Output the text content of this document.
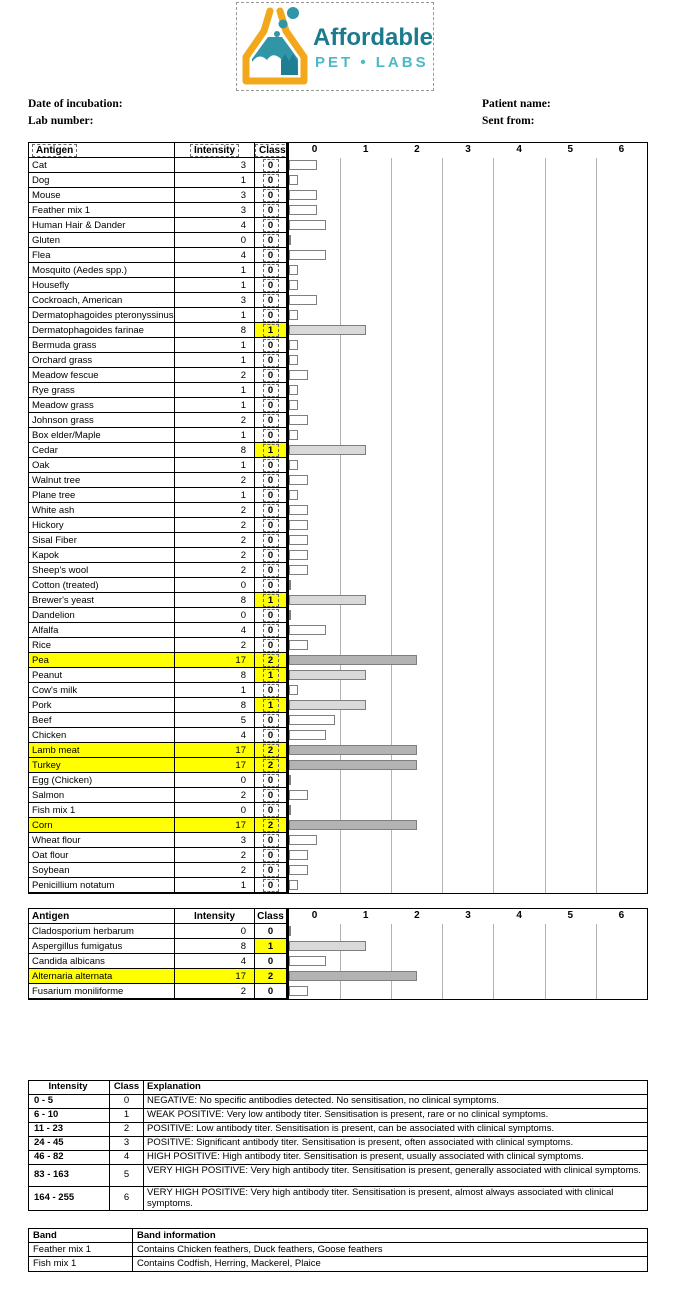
Affordable
PET • LABS
Date of incubation:
Lab number:
Patient name:
Sent from:
Antigen	Intensity	Class	0	1	2	3	4	5	6
Cat	3	0
Dog	1	0
Mouse	3	0
Feather mix 1	3	0
Human Hair & Dander	4	0
Gluten	0	0
Flea	4	0
Mosquito (Aedes spp.)	1	0
Housefly	1	0
Cockroach, American	3	0
Dermatophagoides pteronyssinus	1	0
Dermatophagoides farinae	8	1
Bermuda grass	1	0
Orchard grass	1	0
Meadow fescue	2	0
Rye grass	1	0
Meadow grass	1	0
Johnson grass	2	0
Box elder/Maple	1	0
Cedar	8	1
Oak	1	0
Walnut tree	2	0
Plane tree	1	0
White ash	2	0
Hickory	2	0
Sisal Fiber	2	0
Kapok	2	0
Sheep's wool	2	0
Cotton (treated)	0	0
Brewer's yeast	8	1
Dandelion	0	0
Alfalfa	4	0
Rice	2	0
Pea	17	2
Peanut	8	1
Cow's milk	1	0
Pork	8	1
Beef	5	0
Chicken	4	0
Lamb meat	17	2
Turkey	17	2
Egg (Chicken)	0	0
Salmon	2	0
Fish mix 1	0	0
Corn	17	2
Wheat flour	3	0
Oat flour	2	0
Soybean	2	0
Penicillium notatum	1	0
Antigen	Intensity	Class	0	1	2	3	4	5	6
Cladosporium herbarum	0	0
Aspergillus fumigatus	8	1
Candida albicans	4	0
Alternaria alternata	17	2
Fusarium moniliforme	2	0
Intensity	Class Explanation
0 - 5	0	NEGATIVE: No specific antibodies detected. No sensitisation, no clinical symptoms.
6 - 10	1	WEAK POSITIVE: Very low antibody titer. Sensitisation is present, rare or no clinical symptoms.
11 - 23	2	POSITIVE: Low antibody titer. Sensitisation is present, can be associated with clinical symptoms.
24 - 45	3	POSITIVE: Significant antibody titer. Sensitisation is present, often associated with clinical symptoms.
46 - 82	4	HIGH POSITIVE: High antibody titer. Sensitisation is present, usually associated with clinical symptoms.
83 - 163	5	VERY HIGH POSITIVE: Very high antibody titer. Sensitisation is present, generally associated with clinical symptoms.
164 - 255	6	VERY HIGH POSITIVE: Very high antibody titer. Sensitisation is present, almost always associated with clinical symptoms.
Band	Band information
Feather mix 1	Contains Chicken feathers, Duck feathers, Goose feathers
Fish mix 1	Contains Codfish, Herring, Mackerel, Plaice
